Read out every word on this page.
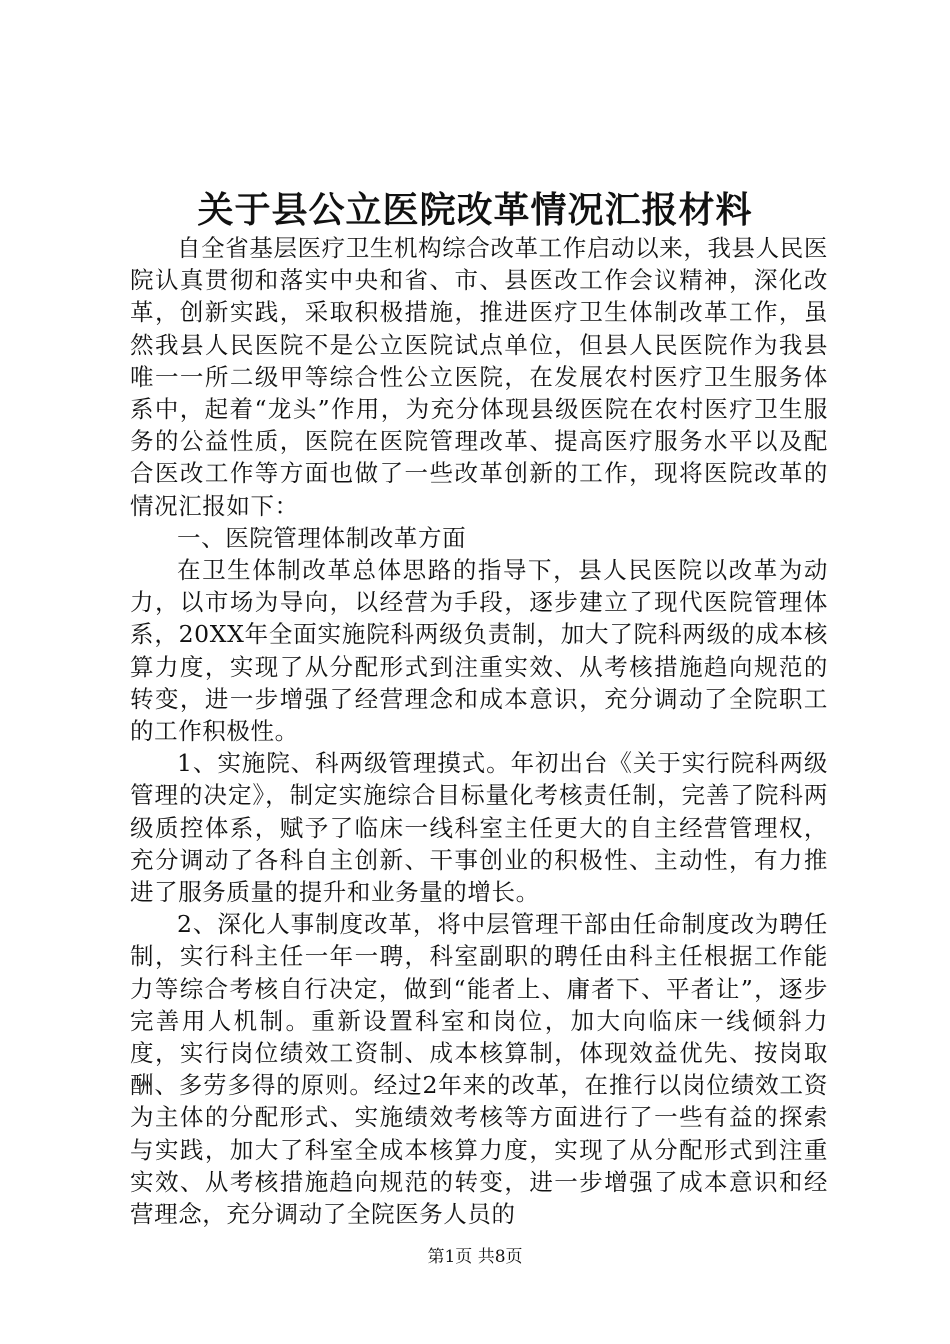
关于县公立医院改革情况汇报材料

自全省基层医疗卫生机构综合改革工作启动以来，我县人民医院认真贯彻和落实中央和省、市、县医改工作会议精神，深化改革，创新实践，采取积极措施，推进医疗卫生体制改革工作，虽然我县人民医院不是公立医院试点单位，但县人民医院作为我县唯一一所二级甲等综合性公立医院，在发展农村医疗卫生服务体系中，起着“龙头”作用，为充分体现县级医院在农村医疗卫生服务的公益性质，医院在医院管理改革、提高医疗服务水平以及配合医改工作等方面也做了一些改革创新的工作，现将医院改革的情况汇报如下：

一、医院管理体制改革方面

在卫生体制改革总体思路的指导下，县人民医院以改革为动力，以市场为导向，以经营为手段，逐步建立了现代医院管理体系，20XX年全面实施院科两级负责制，加大了院科两级的成本核算力度，实现了从分配形式到注重实效、从考核措施趋向规范的转变，进一步增强了经营理念和成本意识，充分调动了全院职工的工作积极性。

1、实施院、科两级管理摸式。年初出台《关于实行院科两级管理的决定》，制定实施综合目标量化考核责任制，完善了院科两级质控体系，赋予了临床一线科室主任更大的自主经营管理权，充分调动了各科自主创新、干事创业的积极性、主动性，有力推进了服务质量的提升和业务量的增长。

2、深化人事制度改革，将中层管理干部由任命制度改为聘任制，实行科主任一年一聘，科室副职的聘任由科主任根据工作能力等综合考核自行决定，做到“能者上、庸者下、平者让”，逐步完善用人机制。重新设置科室和岗位，加大向临床一线倾斜力度，实行岗位绩效工资制、成本核算制，体现效益优先、按岗取酬、多劳多得的原则。经过2年来的改革，在推行以岗位绩效工资为主体的分配形式、实施绩效考核等方面进行了一些有益的探索与实践，加大了科室全成本核算力度，实现了从分配形式到注重实效、从考核措施趋向规范的转变，进一步增强了成本意识和经营理念，充分调动了全院医务人员的

第1页 共8页
